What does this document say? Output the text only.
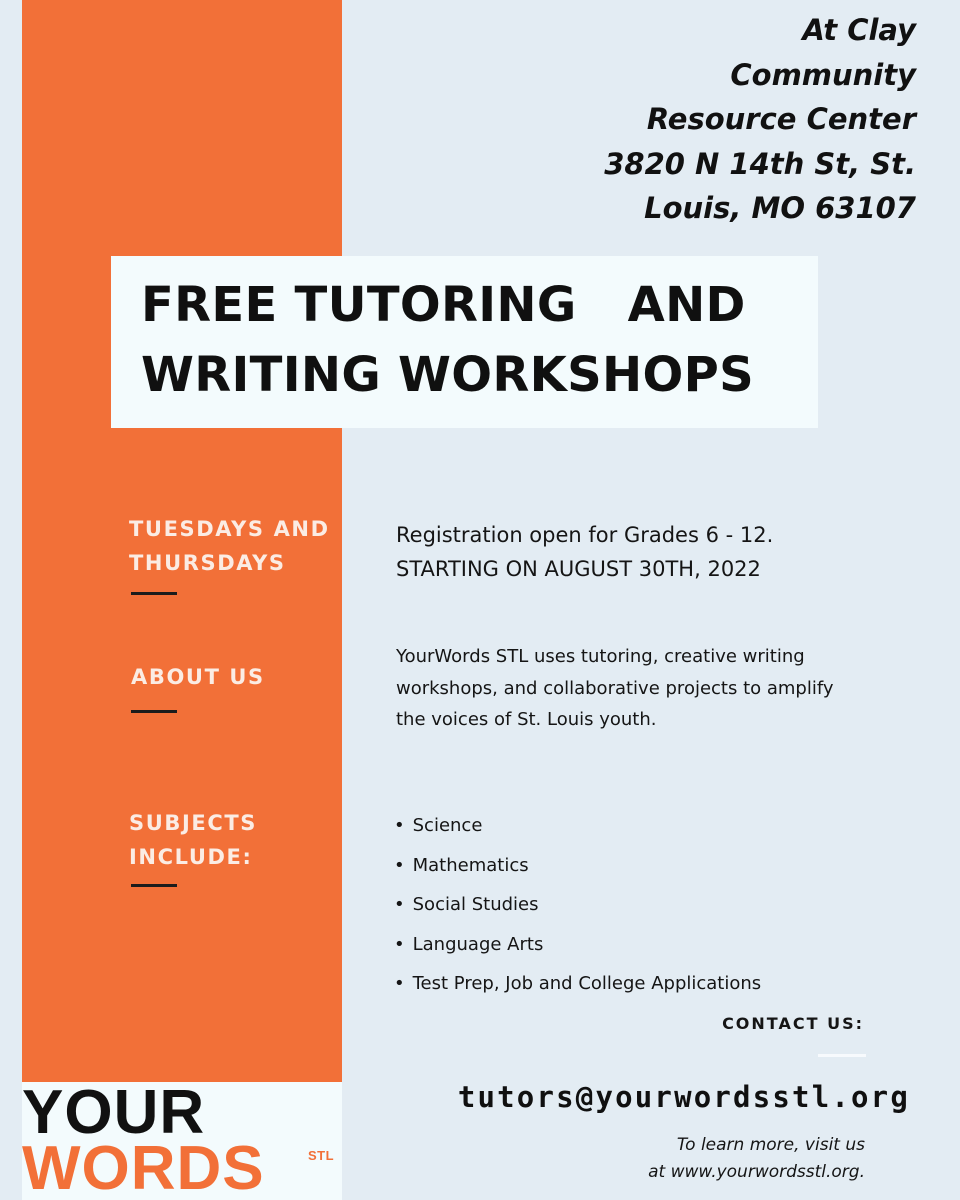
At Clay
Community
Resource Center
3820 N 14th St, St.
Louis, MO 63107
FREE TUTORING   AND
WRITING WORKSHOPS
TUESDAYS AND
THURSDAYS
ABOUT US
SUBJECTS
INCLUDE:
Registration open for Grades 6 - 12.
STARTING ON AUGUST 30TH, 2022
YourWords STL uses tutoring, creative writing workshops, and collaborative projects to amplify the voices of St. Louis youth.
• Science
• Mathematics
• Social Studies
• Language Arts
• Test Prep, Job and College Applications
CONTACT US:
tutors@yourwordsstl.org
To learn more, visit us
at www.yourwordsstl.org.
YOUR
WORDS	STL
